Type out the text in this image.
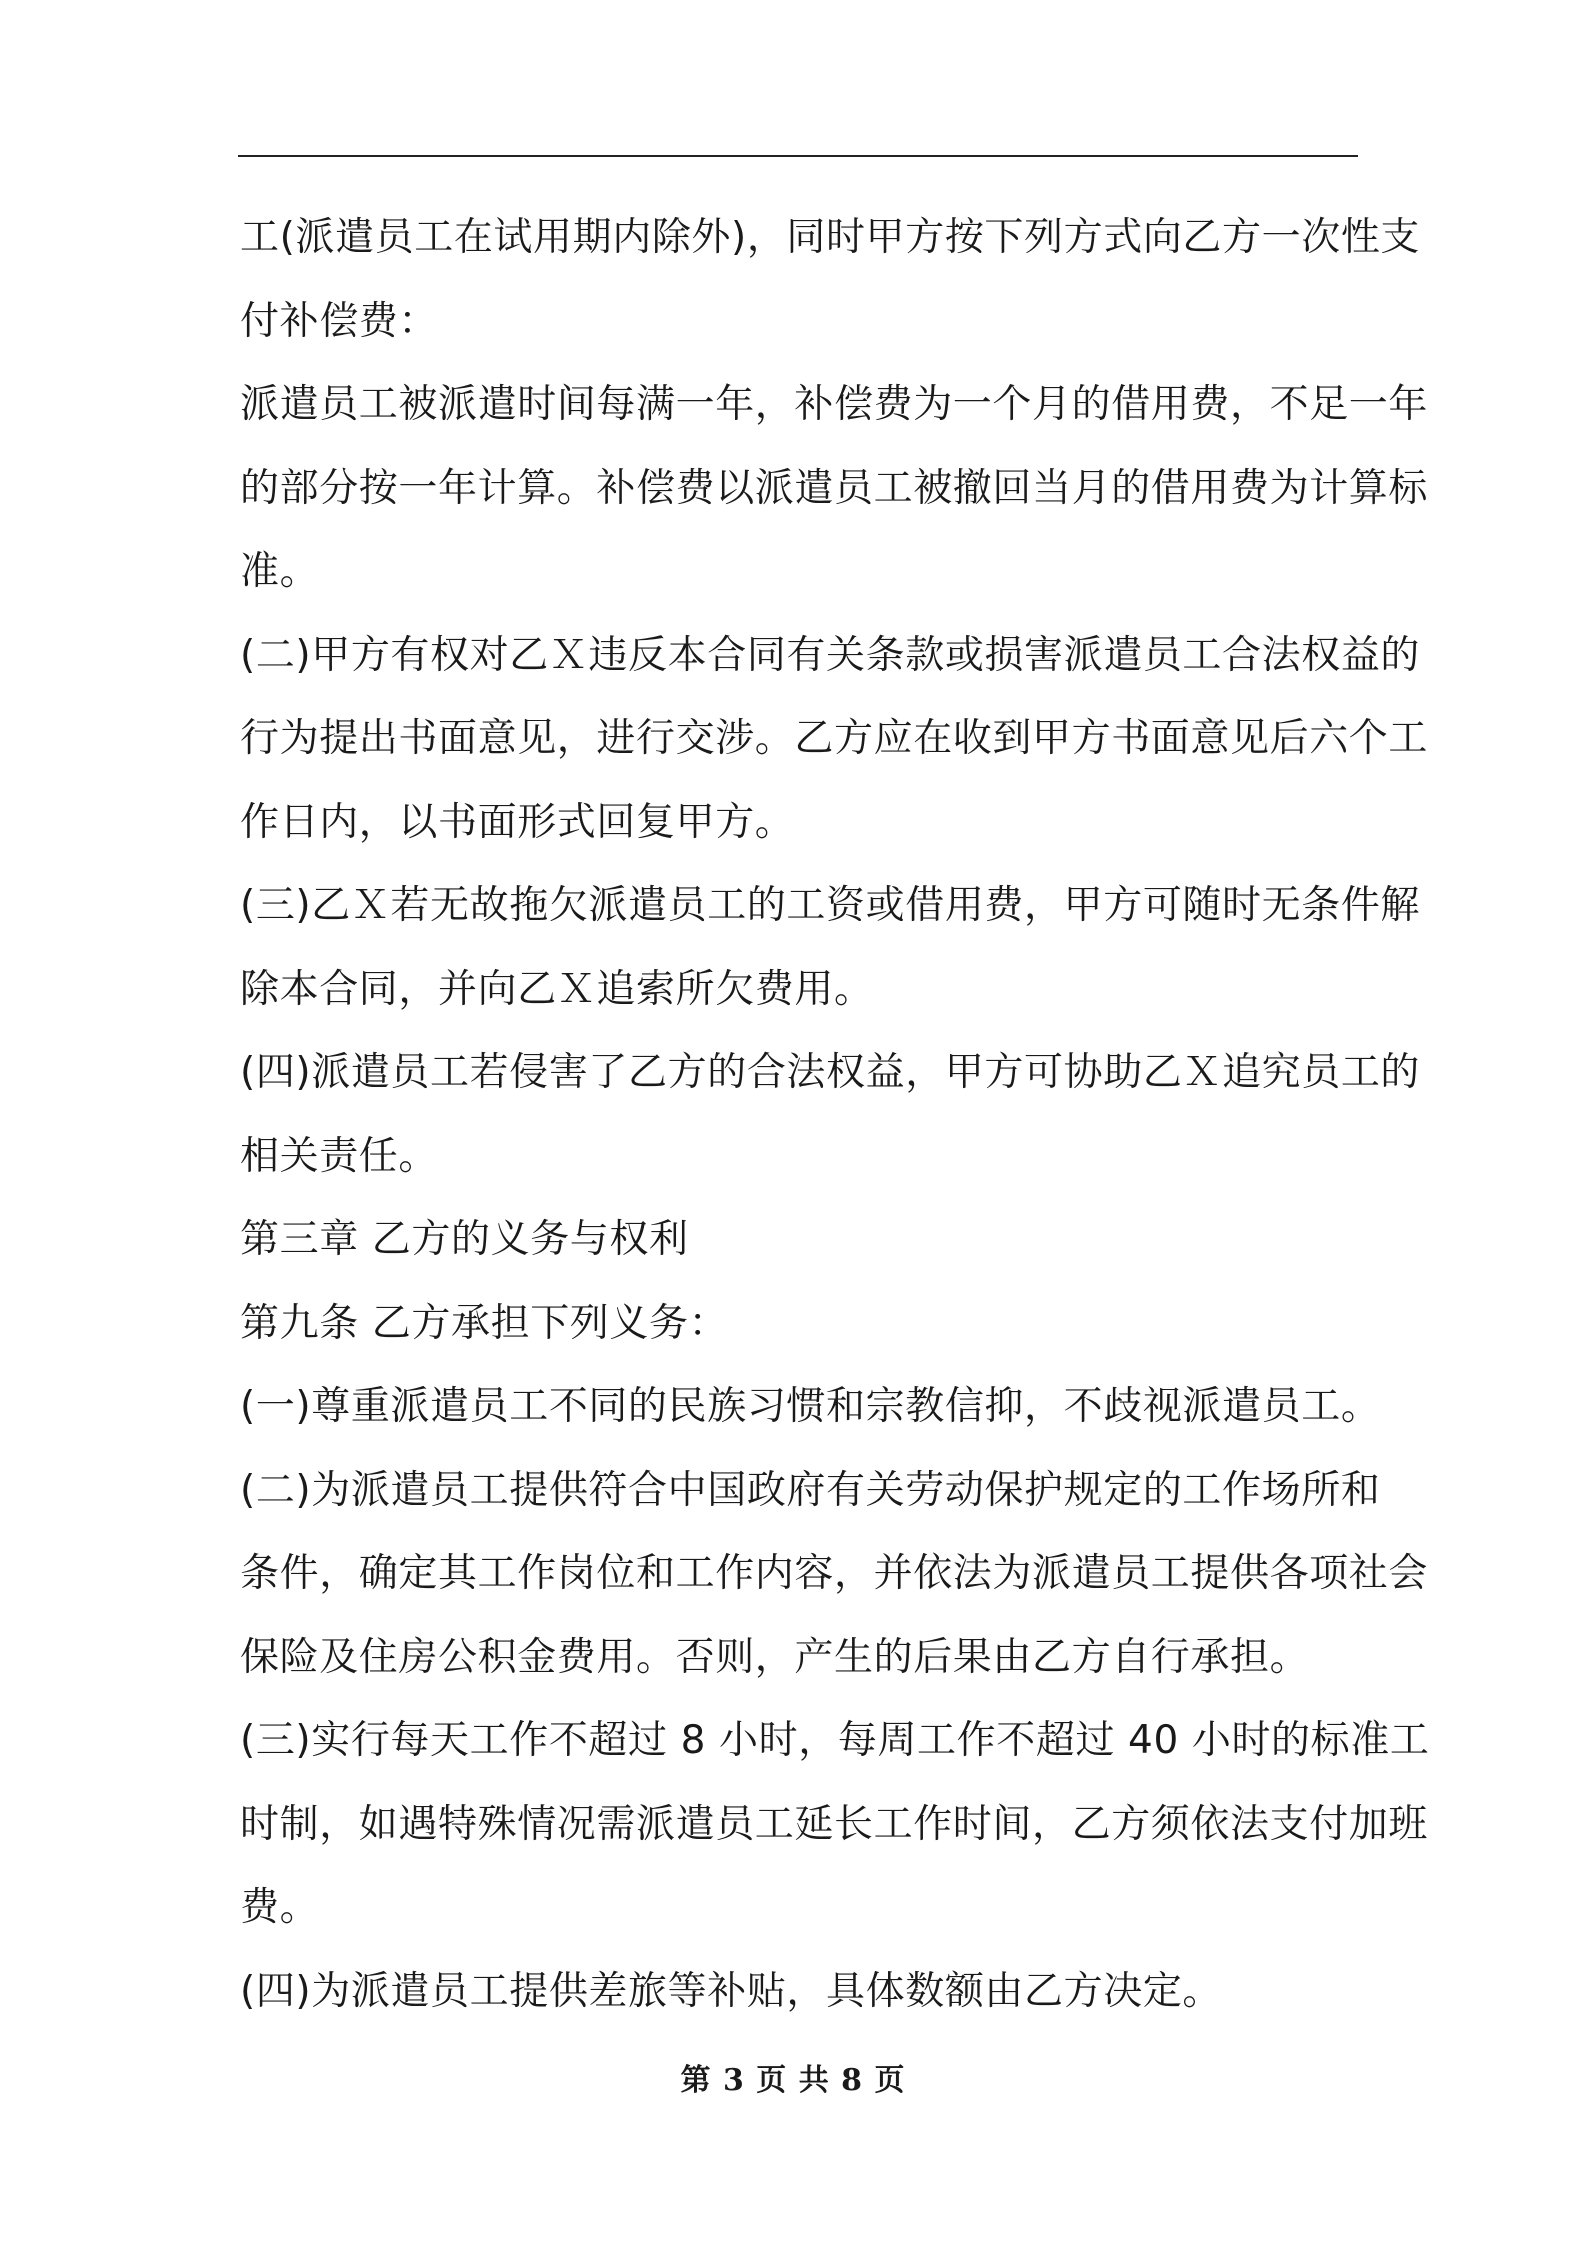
工(派遣员工在试用期内除外)，同时甲方按下列方式向乙方一次性支
付补偿费：
派遣员工被派遣时间每满一年，补偿费为一个月的借用费，不足一年
的部分按一年计算。补偿费以派遣员工被撤回当月的借用费为计算标
准。
(二)甲方有权对乙Ｘ违反本合同有关条款或损害派遣员工合法权益的
行为提出书面意见，进行交涉。乙方应在收到甲方书面意见后六个工
作日内，以书面形式回复甲方。
(三)乙Ｘ若无故拖欠派遣员工的工资或借用费，甲方可随时无条件解
除本合同，并向乙Ｘ追索所欠费用。
(四)派遣员工若侵害了乙方的合法权益，甲方可协助乙Ｘ追究员工的
相关责任。
第三章 乙方的义务与权利
第九条 乙方承担下列义务：
(一)尊重派遣员工不同的民族习惯和宗教信抑，不歧视派遣员工。
(二)为派遣员工提供符合中国政府有关劳动保护规定的工作场所和
条件，确定其工作岗位和工作内容，并依法为派遣员工提供各项社会
保险及住房公积金费用。否则，产生的后果由乙方自行承担。
(三)实行每天工作不超过 8 小时，每周工作不超过 40 小时的标准工
时制，如遇特殊情况需派遣员工延长工作时间，乙方须依法支付加班
费。
(四)为派遣员工提供差旅等补贴，具体数额由乙方决定。
第 3 页 共 8 页
